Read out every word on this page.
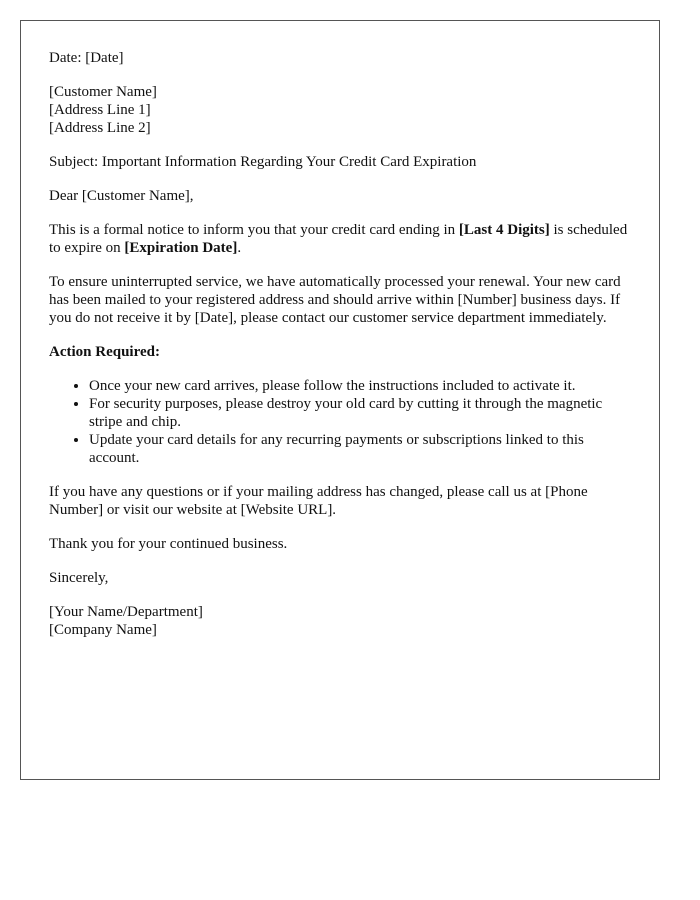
Date: [Date]

[Customer Name]
[Address Line 1]
[Address Line 2]

Subject: Important Information Regarding Your Credit Card Expiration

Dear [Customer Name],

This is a formal notice to inform you that your credit card ending in [Last 4 Digits] is scheduled to expire on [Expiration Date].

To ensure uninterrupted service, we have automatically processed your renewal. Your new card has been mailed to your registered address and should arrive within [Number] business days. If you do not receive it by [Date], please contact our customer service department immediately.

Action Required:

• Once your new card arrives, please follow the instructions included to activate it.
• For security purposes, please destroy your old card by cutting it through the magnetic stripe and chip.
• Update your card details for any recurring payments or subscriptions linked to this account.

If you have any questions or if your mailing address has changed, please call us at [Phone Number] or visit our website at [Website URL].

Thank you for your continued business.

Sincerely,

[Your Name/Department]
[Company Name]
